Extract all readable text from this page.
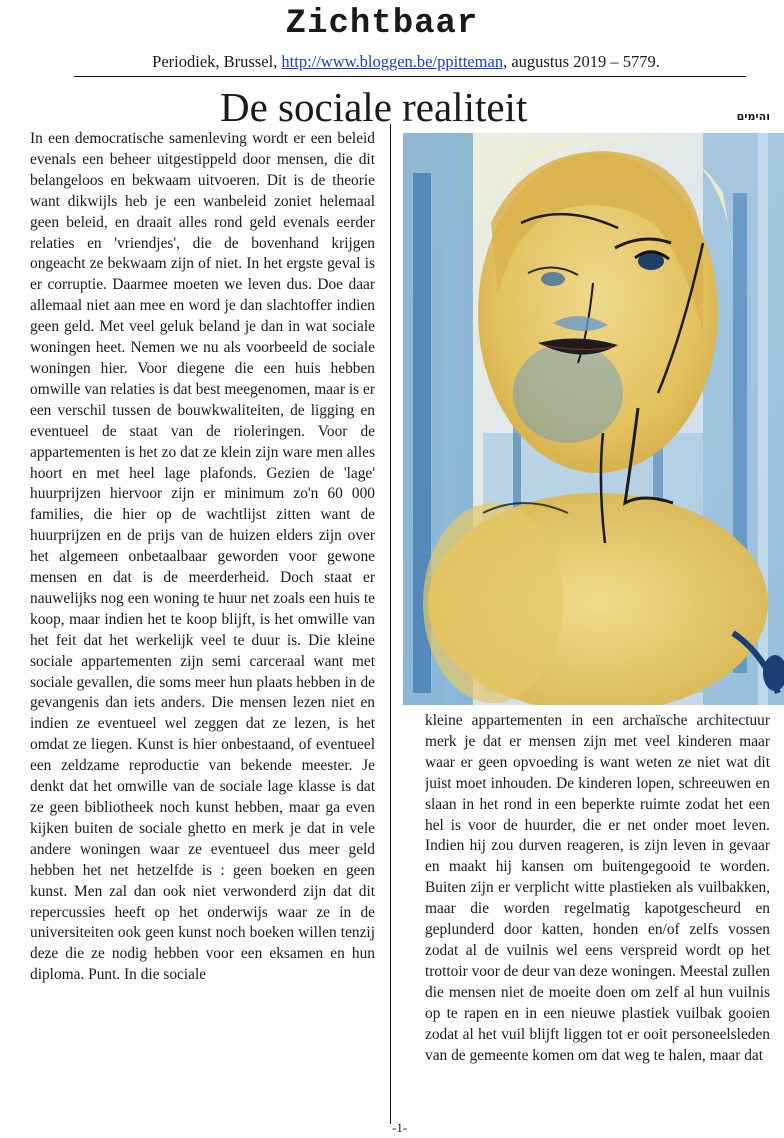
Zichtbaar
Periodiek, Brussel, http://www.bloggen.be/ppitteman, augustus 2019 – 5779.
De sociale realiteit	והימים

In een democratische samenleving wordt er een beleid evenals een beheer uitgestippeld door mensen, die dit belangeloos en bekwaam uitvoeren. Dit is de theorie want dikwijls heb je een wanbeleid zoniet helemaal geen beleid, en draait alles rond geld evenals eerder relaties en 'vriendjes', die de bovenhand krijgen ongeacht ze bekwaam zijn of niet. In het ergste geval is er corruptie. Daarmee moeten we leven dus. Doe daar allemaal niet aan mee en word je dan slachtoffer indien geen geld. Met veel geluk beland je dan in wat sociale woningen heet. Nemen we nu als voorbeeld de sociale woningen hier. Voor diegene die een huis hebben omwille van relaties is dat best meegenomen, maar is er een verschil tussen de bouwkwaliteiten, de ligging en eventueel de staat van de rioleringen. Voor de appartementen is het zo dat ze klein zijn ware men alles hoort en met heel lage plafonds. Gezien de 'lage' huurprijzen hiervoor zijn er minimum zo'n 60 000 families, die hier op de wachtlijst zitten want de huurprijzen en de prijs van de huizen elders zijn over het algemeen onbetaalbaar geworden voor gewone mensen en dat is de meerderheid. Doch staat er nauwelijks nog een woning te huur net zoals een huis te koop, maar indien het te koop blijft, is het omwille van het feit dat het werkelijk veel te duur is. Die kleine sociale appartementen zijn semi carceraal want met sociale gevallen, die soms meer hun plaats hebben in de gevangenis dan iets anders. Die mensen lezen niet en indien ze eventueel wel zeggen dat ze lezen, is het omdat ze liegen. Kunst is hier onbestaand, of eventueel een zeldzame reproductie van bekende meester. Je denkt dat het omwille van de sociale lage klasse is dat ze geen bibliotheek noch kunst hebben, maar ga even kijken buiten de sociale ghetto en merk je dat in vele andere woningen waar ze eventueel dus meer geld hebben het net hetzelfde is : geen boeken en geen kunst. Men zal dan ook niet verwonderd zijn dat dit repercussies heeft op het onderwijs waar ze in de universiteiten ook geen kunst noch boeken willen tenzij deze die ze nodig hebben voor een eksamen en hun diploma. Punt. In die sociale

kleine appartementen in een archaïsche architectuur merk je dat er mensen zijn met veel kinderen maar waar er geen opvoeding is want weten ze niet wat dit juist moet inhouden. De kinderen lopen, schreeuwen en slaan in het rond in een beperkte ruimte zodat het een hel is voor de huurder, die er net onder moet leven. Indien hij zou durven reageren, is zijn leven in gevaar en maakt hij kansen om buitengegooid te worden. Buiten zijn er verplicht witte plastieken als vuilbakken, maar die worden regelmatig kapotgescheurd en geplunderd door katten, honden en/of zelfs vossen zodat al de vuilnis wel eens verspreid wordt op het trottoir voor de deur van deze woningen. Meestal zullen die mensen niet de moeite doen om zelf al hun vuilnis op te rapen en in een nieuwe plastiek vuilbak gooien zodat al het vuil blijft liggen tot er ooit personeelsleden van de gemeente komen om dat weg te halen, maar dat

-1-
